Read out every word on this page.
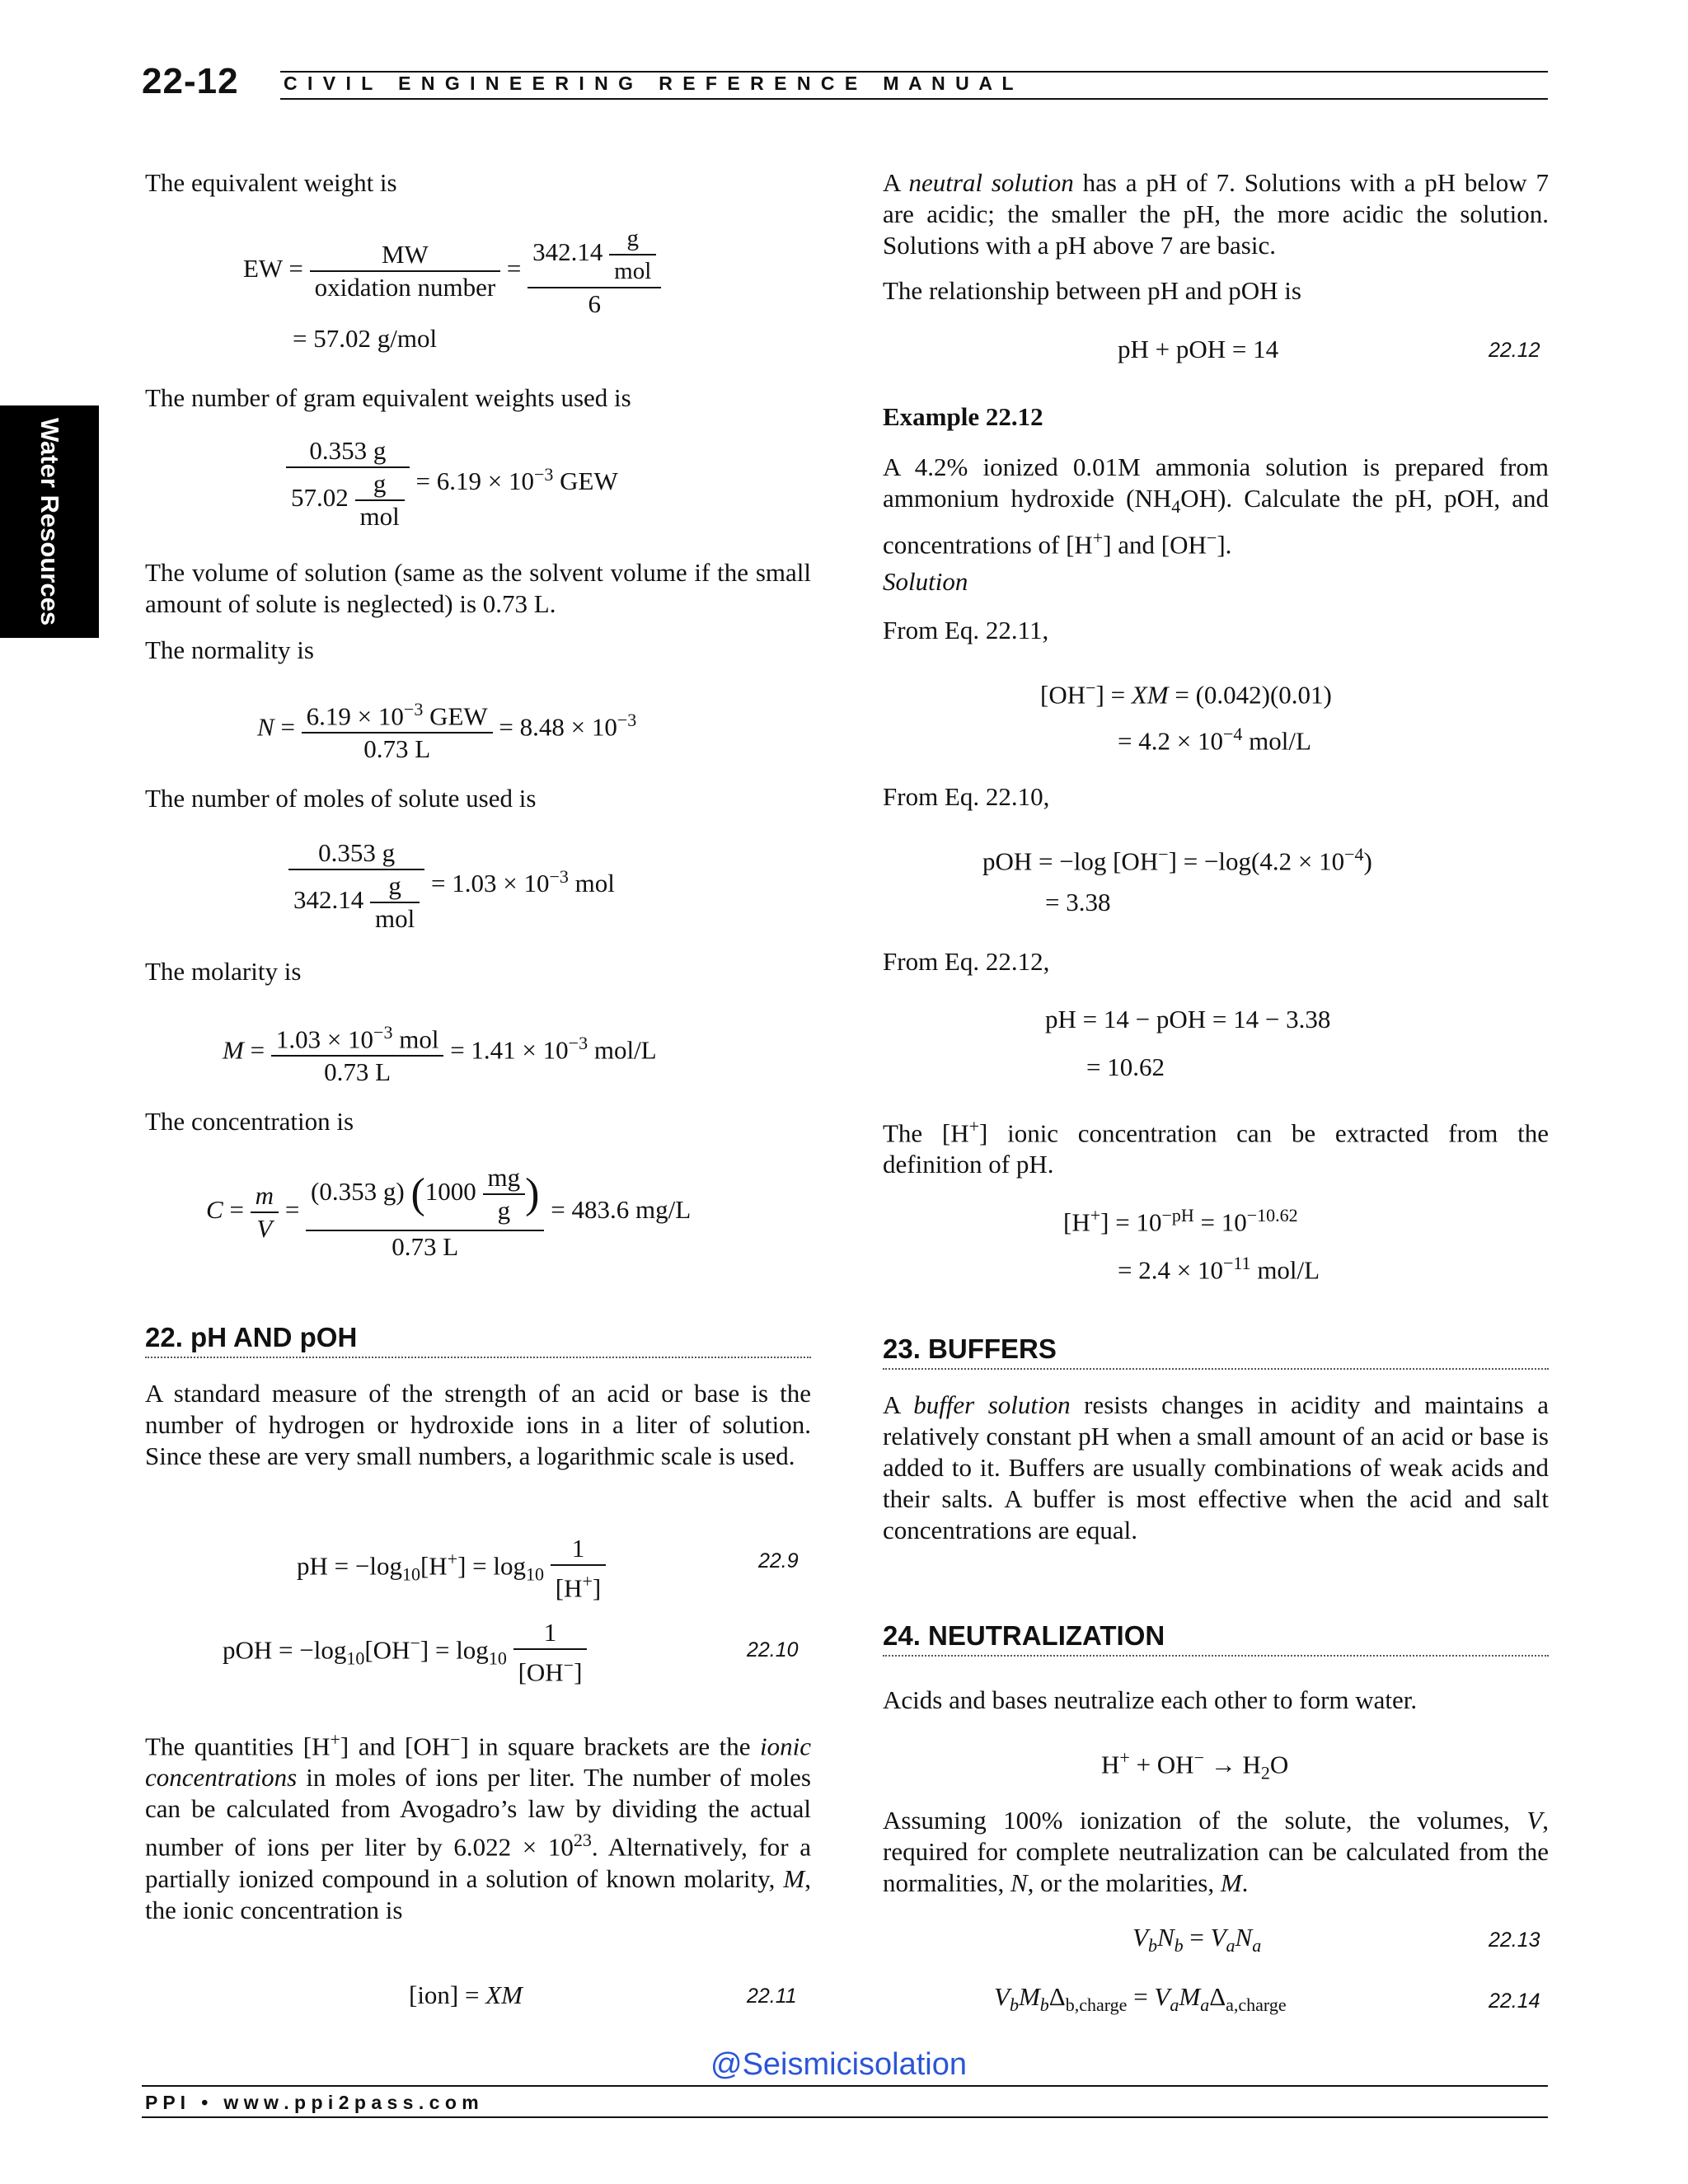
22-12 C I V I L   E N G I N E E R I N G   R E F E R E N C E   M A N U A L
Water Resources
The equivalent weight is
EW = $\frac{MW}{\text{oxidation number}} = \frac{342.14 \frac{g}{\text{mol}}}{6}$
= 57.02 g/mol
The number of gram equivalent weights used is
$\frac{0.353 g}{57.02 \frac{g}{\text{mol}}} = 6.19 \times 10^{-3}$ GEW
The volume of solution (same as the solvent volume if the small amount of solute is neglected) is 0.73 L.
The normality is
$N = \frac{6.19 \times 10^{-3} GEW}{0.73 L} = 8.48 \times 10^{-3}$
The number of moles of solute used is
$\frac{0.353 g}{342.14 \frac{g}{\text{mol}}} = 1.03 \times 10^{-3}$ mol
The molarity is
$M = \frac{1.03 \times 10^{-3} mol}{0.73 L} = 1.41 \times 10^{-3}$ mol/L
The concentration is
$C = \frac{m}{V} = \frac{(0.353 g) (1000 \frac{mg}{g} )}{0.73 L} = 483.6$ mg/L
22. pH AND pOH
A standard measure of the strength of an acid or base is the number of hydrogen or hydroxide ions in a liter of solution. Since these are very small numbers, a logarithmic scale is used.
pH = $-\log_{10}[H^+] = \log_{10} \frac{1}{[H^+]}$	22.9
pOH = $-\log_{10}[OH^-] = \log_{10} \frac{1}{[OH^-]}$	22.10
The quantities [H+] and [OH−] in square brackets are the ionic concentrations in moles of ions per liter. The number of moles can be calculated from Avogadro’s law by dividing the actual number of ions per liter by $6.022 \times 10^{23}$. Alternatively, for a partially ionized compound in a solution of known molarity, M, the ionic concentration is
[ion] = XM	22.11
A neutral solution has a pH of 7. Solutions with a pH below 7 are acidic; the smaller the pH, the more acidic the solution. Solutions with a pH above 7 are basic.
The relationship between pH and pOH is
pH + pOH = 14	22.12
Example 22.12
A 4.2% ionized 0.01M ammonia solution is prepared from ammonium hydroxide $(NH_4OH)$. Calculate the pH, pOH, and concentrations of [H+] and [OH−].
Solution
From Eq. 22.11,
[OH−] = XM = (0.042)(0.01)
= $4.2 \times 10^{-4}$ mol/L
From Eq. 22.10,
pOH = −log $[OH^-] = -\log(4.2 \times 10^{-4})$
= 3.38
From Eq. 22.12,
pH = 14 − pOH = 14 − 3.38
= 10.62
The [H+] ionic concentration can be extracted from the definition of pH.
$[H^+] = 10^{-pH} = 10^{-10.62}$
= $2.4 \times 10^{-11}$ mol/L
23. BUFFERS
A buffer solution resists changes in acidity and maintains a relatively constant pH when a small amount of an acid or base is added to it. Buffers are usually combinations of weak acids and their salts. A buffer is most effective when the acid and salt concentrations are equal.
24. NEUTRALIZATION
Acids and bases neutralize each other to form water.
$H^+ + OH^- \to H_2O$
Assuming 100% ionization of the solute, the volumes, V, required for complete neutralization can be calculated from the normalities, N, or the molarities, M.
$V_bN_b = V_aN_a$	22.13
$V_bM_b\Delta_{b,charge} = V_aM_a\Delta_{a,charge}$	22.14
@Seismicisolation
P P I   •   w w w . p p i 2 p a s s . c o m
